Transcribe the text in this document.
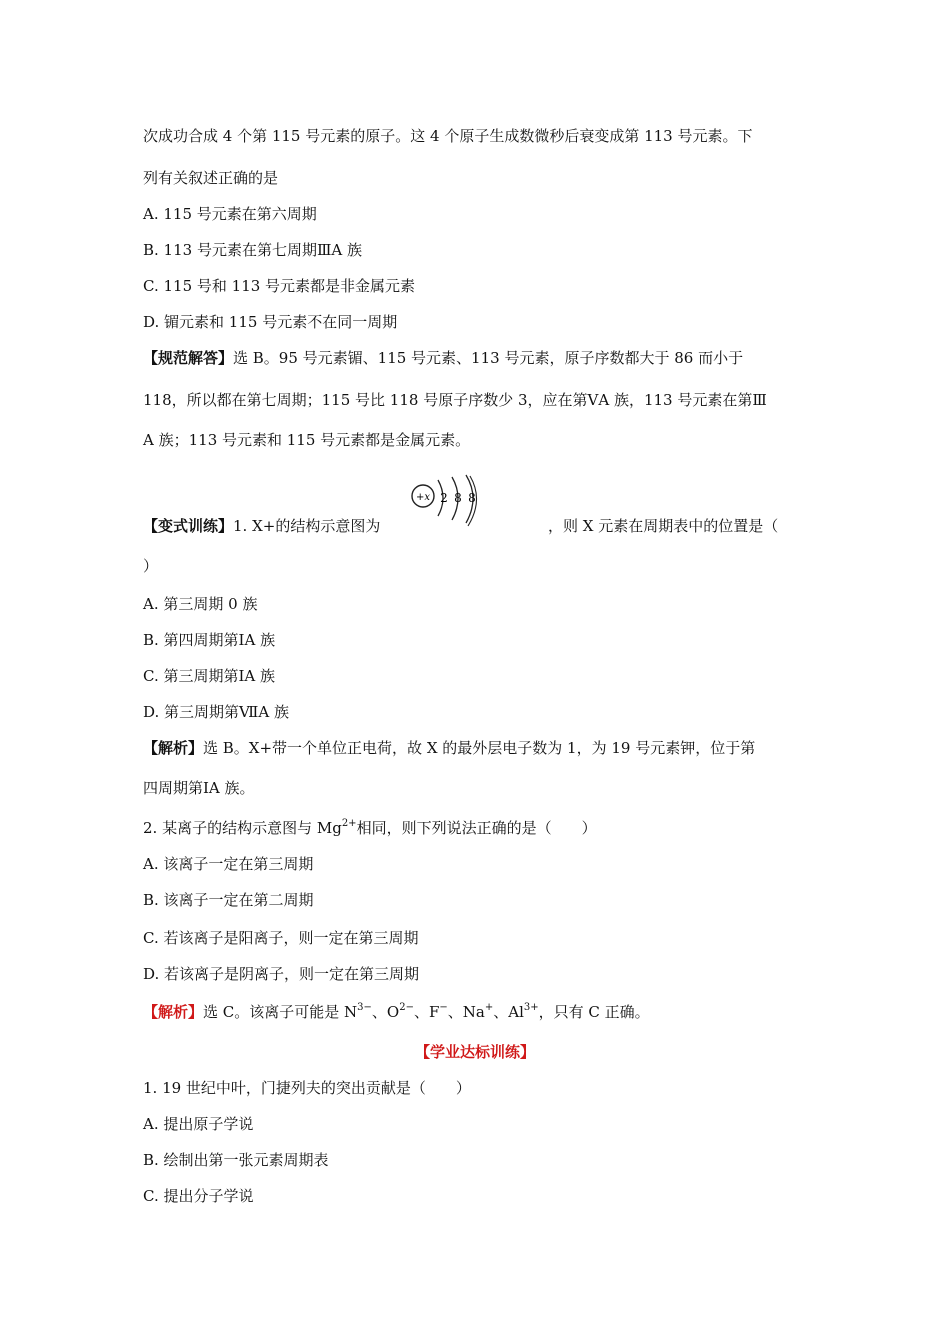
次成功合成 4 个第 115 号元素的原子。这 4 个原子生成数微秒后衰变成第 113 号元素。下
列有关叙述正确的是
A. 115 号元素在第六周期
B. 113 号元素在第七周期ⅢA 族
C. 115 号和 113 号元素都是非金属元素
D. 镅元素和 115 号元素不在同一周期
【规范解答】选 B。95 号元素镅、115 号元素、113 号元素，原子序数都大于 86 而小于
118，所以都在第七周期；115 号比 118 号原子序数少 3，应在第ⅤA 族，113 号元素在第Ⅲ
A 族；113 号元素和 115 号元素都是金属元素。
+x 2 8 8
【变式训练】1. X+的结构示意图为	，则 X 元素在周期表中的位置是（
）
A. 第三周期 0 族
B. 第四周期第ⅠA 族
C. 第三周期第ⅠA 族
D. 第三周期第ⅦA 族
【解析】选 B。X+带一个单位正电荷，故 X 的最外层电子数为 1，为 19 号元素钾，位于第
四周期第ⅠA 族。
2. 某离子的结构示意图与 $Mg^{2+}$相同，则下列说法正确的是（　　）
A. 该离子一定在第三周期
B. 该离子一定在第二周期
C. 若该离子是阳离子，则一定在第三周期
D. 若该离子是阴离子，则一定在第三周期
【解析】选 C。该离子可能是 $N^{3-}$、$O^{2-}$、F−、Na+、$Al^{3+}$，只有 C 正确。
【学业达标训练】
1. 19 世纪中叶，门捷列夫的突出贡献是（　　）
A. 提出原子学说
B. 绘制出第一张元素周期表
C. 提出分子学说
